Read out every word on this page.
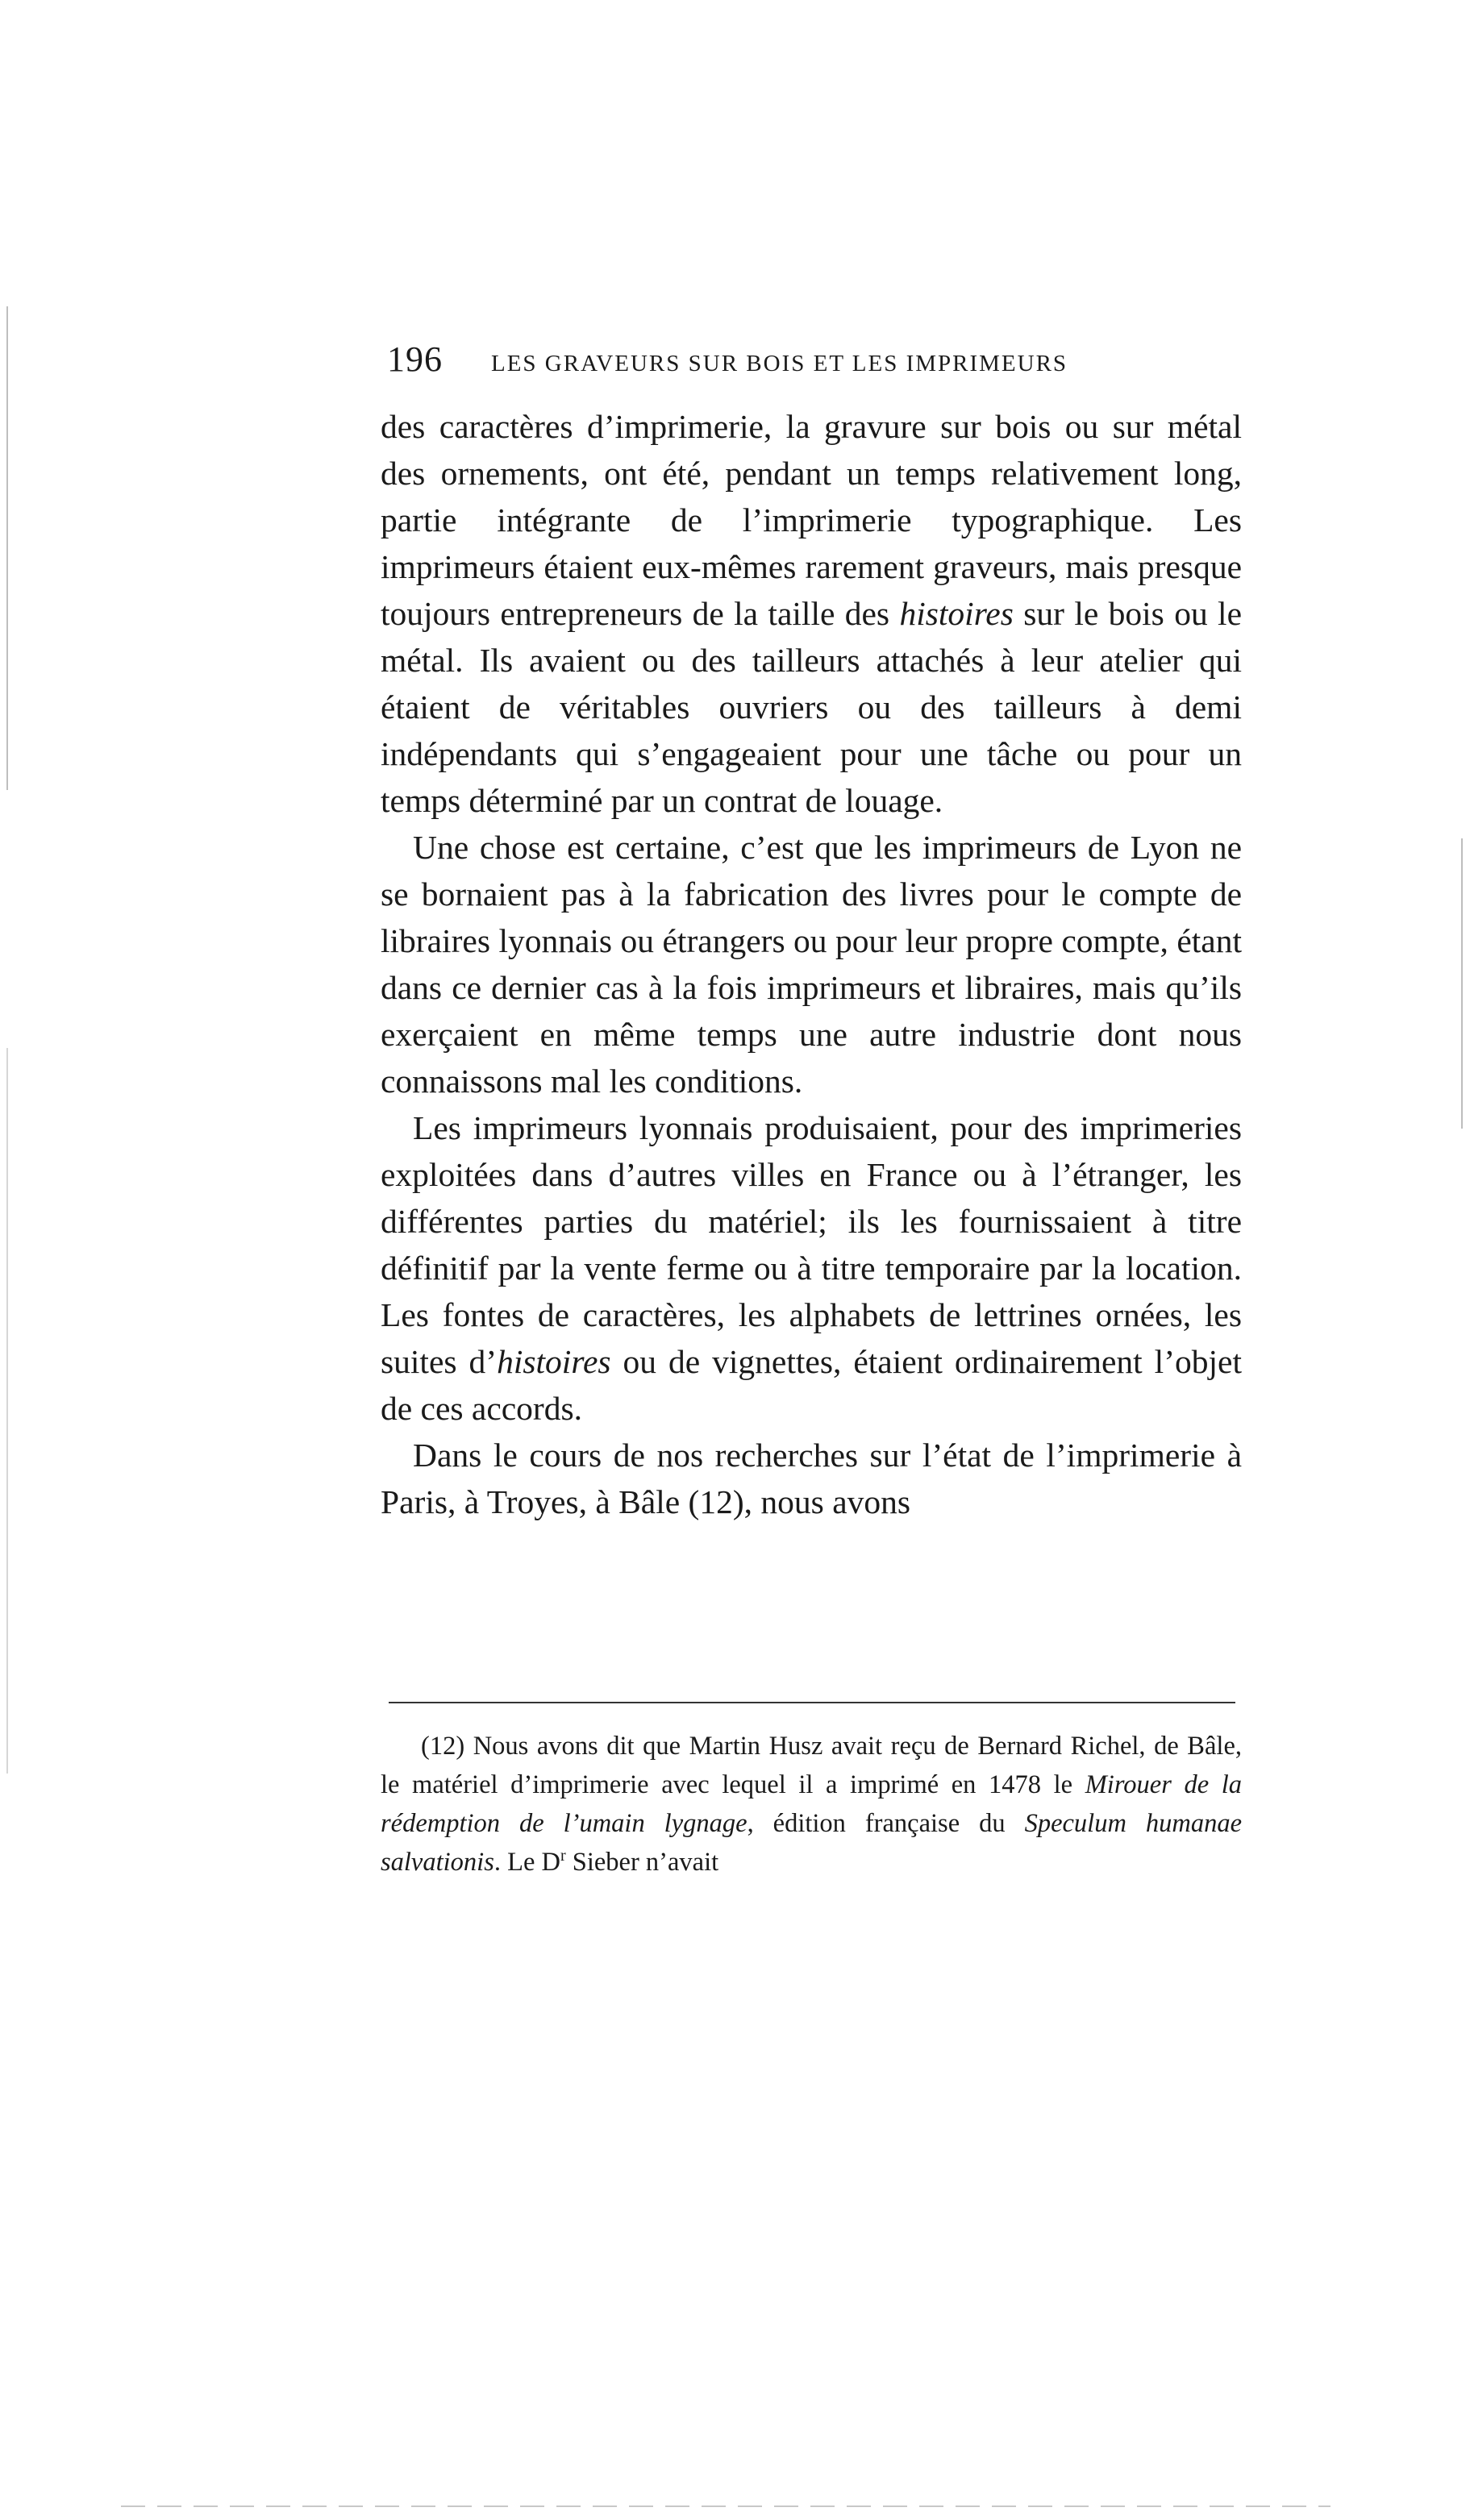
196 LES GRAVEURS SUR BOIS ET LES IMPRIMEURS

des caractères d’imprimerie, la gravure sur bois ou sur métal des ornements, ont été, pendant un temps relativement long, partie intégrante de l’imprimerie typographique. Les imprimeurs étaient eux-mêmes rarement graveurs, mais presque toujours entrepreneurs de la taille des histoires sur le bois ou le métal. Ils avaient ou des tailleurs attachés à leur atelier qui étaient de véritables ouvriers ou des tailleurs à demi indépendants qui s’engageaient pour une tâche ou pour un temps déterminé par un contrat de louage.

Une chose est certaine, c’est que les imprimeurs de Lyon ne se bornaient pas à la fabrication des livres pour le compte de libraires lyonnais ou étrangers ou pour leur propre compte, étant dans ce dernier cas à la fois imprimeurs et libraires, mais qu’ils exerçaient en même temps une autre industrie dont nous connaissons mal les conditions.

Les imprimeurs lyonnais produisaient, pour des imprimeries exploitées dans d’autres villes en France ou à l’étranger, les différentes parties du matériel; ils les fournissaient à titre définitif par la vente ferme ou à titre temporaire par la location. Les fontes de caractères, les alphabets de lettrines ornées, les suites d’histoires ou de vignettes, étaient ordinairement l’objet de ces accords.

Dans le cours de nos recherches sur l’état de l’imprimerie à Paris, à Troyes, à Bâle (12), nous avons

(12) Nous avons dit que Martin Husz avait reçu de Bernard Richel, de Bâle, le matériel d’imprimerie avec lequel il a imprimé en 1478 le Mirouer de la rédemption de l’umain lygnage, édition française du Speculum humanae salvationis. Le $D^r$ Sieber n’avait
